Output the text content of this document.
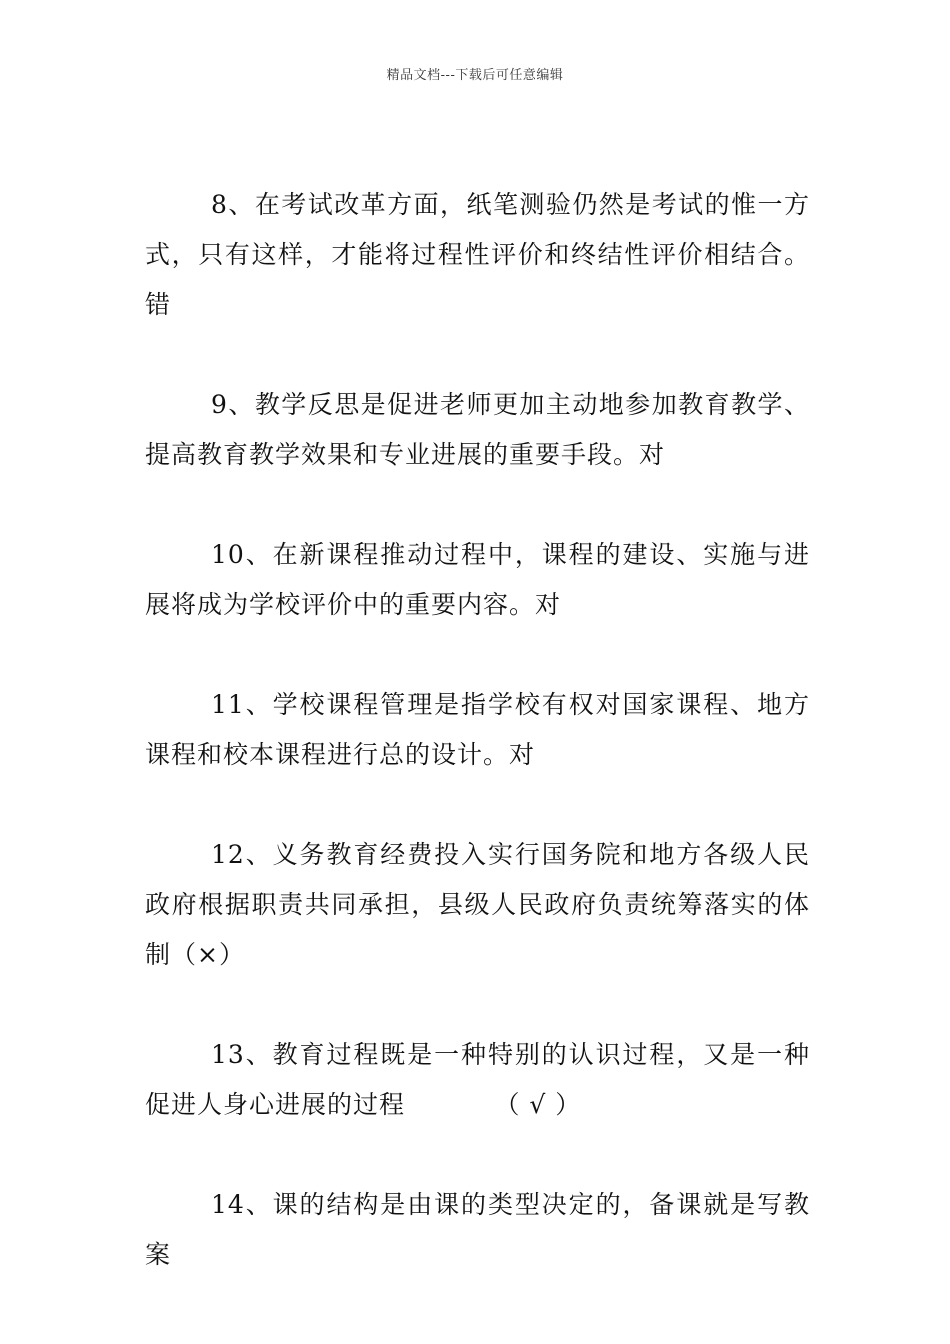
精品文档---下载后可任意编辑

8、在考试改革方面，纸笔测验仍然是考试的惟一方式，只有这样，才能将过程性评价和终结性评价相结合。错

9、教学反思是促进老师更加主动地参加教育教学、提高教育教学效果和专业进展的重要手段。对

10、在新课程推动过程中，课程的建设、实施与进展将成为学校评价中的重要内容。对

11、学校课程管理是指学校有权对国家课程、地方课程和校本课程进行总的设计。对

12、义务教育经费投入实行国务院和地方各级人民政府根据职责共同承担，县级人民政府负责统筹落实的体制（×）

13、教育过程既是一种特别的认识过程，又是一种促进人身心进展的过程          （ √ ）

14、课的结构是由课的类型决定的，备课就是写教案
